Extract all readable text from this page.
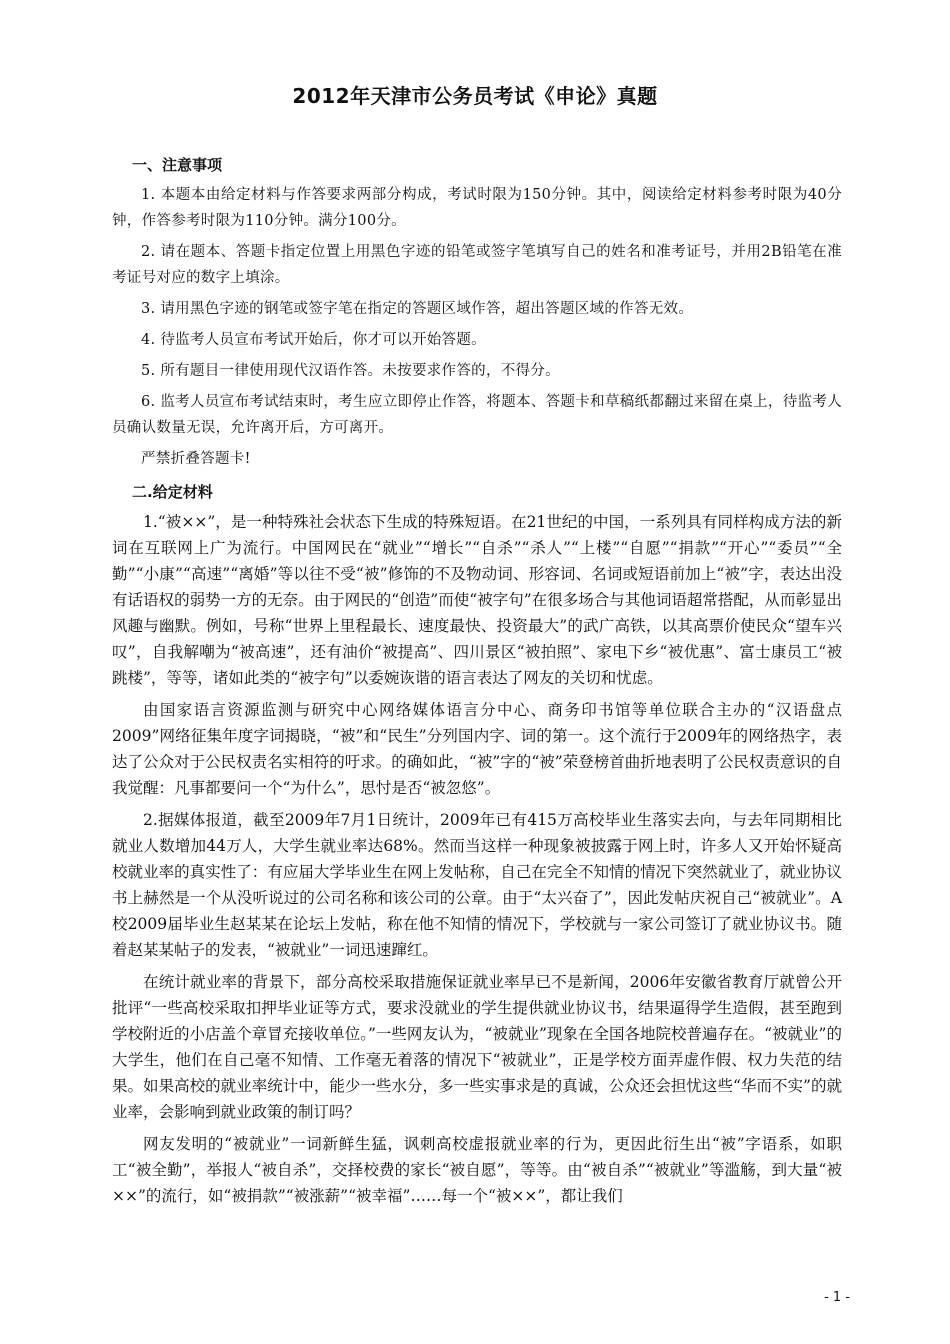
2012年天津市公务员考试《申论》真题
一、注意事项

1. 本题本由给定材料与作答要求两部分构成，考试时限为150分钟。其中，阅读给定材料参考时限为40分钟，作答参考时限为110分钟。满分100分。

2. 请在题本、答题卡指定位置上用黑色字迹的铅笔或签字笔填写自己的姓名和准考证号，并用2B铅笔在准考证号对应的数字上填涂。

3. 请用黑色字迹的钢笔或签字笔在指定的答题区域作答，超出答题区域的作答无效。

4. 待监考人员宣布考试开始后，你才可以开始答题。

5. 所有题目一律使用现代汉语作答。未按要求作答的，不得分。

6. 监考人员宣布考试结束时，考生应立即停止作答，将题本、答题卡和草稿纸都翻过来留在桌上，待监考人员确认数量无误，允许离开后，方可离开。

严禁折叠答题卡!

二.给定材料

1.“被××”，是一种特殊社会状态下生成的特殊短语。在21世纪的中国，一系列具有同样构成方法的新词在互联网上广为流行。中国网民在“就业”“增长”“自杀”“杀人”“上楼”“自愿”“捐款”“开心”“委员”“全勤”“小康”“高速”“离婚”等以往不受“被”修饰的不及物动词、形容词、名词或短语前加上“被”字，表达出没有话语权的弱势一方的无奈。由于网民的“创造”而使“被字句”在很多场合与其他词语超常搭配，从而彰显出风趣与幽默。例如，号称“世界上里程最长、速度最快、投资最大”的武广高铁，以其高票价使民众“望车兴叹”，自我解嘲为“被高速”，还有油价“被提高”、四川景区“被拍照”、家电下乡“被优惠”、富士康员工“被跳楼”，等等，诸如此类的“被字句”以委婉诙谐的语言表达了网友的关切和忧虑。

由国家语言资源监测与研究中心网络媒体语言分中心、商务印书馆等单位联合主办的“汉语盘点2009”网络征集年度字词揭晓，“被”和“民生”分列国内字、词的第一。这个流行于2009年的网络热字，表达了公众对于公民权责名实相符的吁求。的确如此，“被”字的“被”荣登榜首曲折地表明了公民权责意识的自我觉醒：凡事都要问一个“为什么”，思忖是否“被忽悠”。

2.据媒体报道，截至2009年7月1日统计，2009年已有415万高校毕业生落实去向，与去年同期相比就业人数增加44万人，大学生就业率达68%。然而当这样一种现象被披露于网上时，许多人又开始怀疑高校就业率的真实性了：有应届大学毕业生在网上发帖称，自己在完全不知情的情况下突然就业了，就业协议书上赫然是一个从没听说过的公司名称和该公司的公章。由于“太兴奋了”，因此发帖庆祝自己“被就业”。A校2009届毕业生赵某某在论坛上发帖，称在他不知情的情况下，学校就与一家公司签订了就业协议书。随着赵某某帖子的发表，“被就业”一词迅速蹿红。

在统计就业率的背景下，部分高校采取措施保证就业率早已不是新闻，2006年安徽省教育厅就曾公开批评“一些高校采取扣押毕业证等方式，要求没就业的学生提供就业协议书，结果逼得学生造假，甚至跑到学校附近的小店盖个章冒充接收单位。”一些网友认为，“被就业”现象在全国各地院校普遍存在。“被就业”的大学生，他们在自己毫不知情、工作毫无着落的情况下“被就业”，正是学校方面弄虚作假、权力失范的结果。如果高校的就业率统计中，能少一些水分，多一些实事求是的真诚，公众还会担忧这些“华而不实”的就业率，会影响到就业政策的制订吗？

网友发明的“被就业”一词新鲜生猛，讽刺高校虚报就业率的行为，更因此衍生出“被”字语系，如职工“被全勤”，举报人“被自杀”，交择校费的家长“被自愿”，等等。由“被自杀”“被就业”等滥觞，到大量“被××”的流行，如“被捐款”“被涨薪”“被幸福”……每一个“被××”，都让我们

- 1 -
